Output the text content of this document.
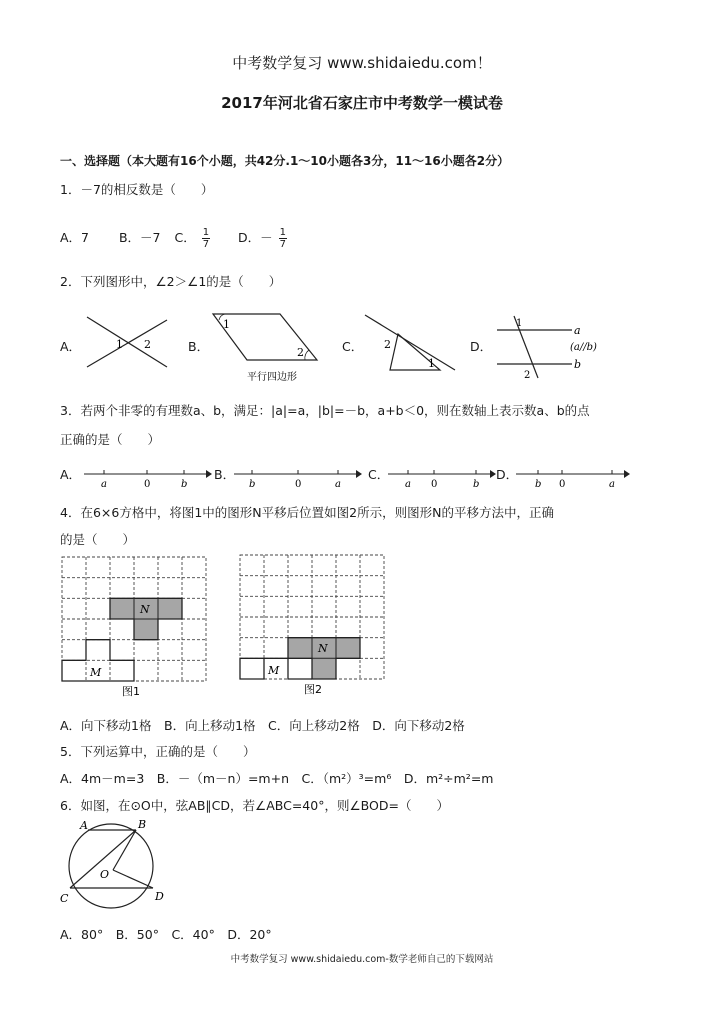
中考数学复习 www.shidaiedu.com！
2017年河北省石家庄市中考数学一模试卷
一、选择题（本大题有16个小题，共42分.1～10小题各3分，11～16小题各2分）
1．－7的相反数是（　　）
A．7 B．－7 C． $\frac{1}{7}$ D．－ $\frac{1}{7}$
2．下列图形中，∠2＞∠1的是（　　）
A．	1 2	B．
1
2
平行四边形
C． 2
1
D．
1
2
a
(a//b)
b
3．若两个非零的有理数a、b，满足：|a|=a，|b|=－b，a+b＜0，则在数轴上表示数a、b的点
正确的是（　　）
A．
a	0	b
B．
b	0	a
C．
a 0	b
D．
b 0	a
4．在6×6方格中，将图1中的图形N平移后位置如图2所示，则图形N的平移方法中，正确
的是（　　）
N
M
图1
N
M
图2
A．向下移动1格　B．向上移动1格　C．向上移动2格　D．向下移动2格
5．下列运算中，正确的是（　　）
A．4m－m=3　B．－（m－n）=m+n　C．（m²）³=m⁶　D．m²÷m²=m
6．如图，在⊙O中，弦AB∥CD，若∠ABC=40°，则∠BOD=（　　）
A	B
C	D
O
A．80°　B．50°　C．40°　D．20°
中考数学复习 www.shidaiedu.com-数学老师自己的下载网站
